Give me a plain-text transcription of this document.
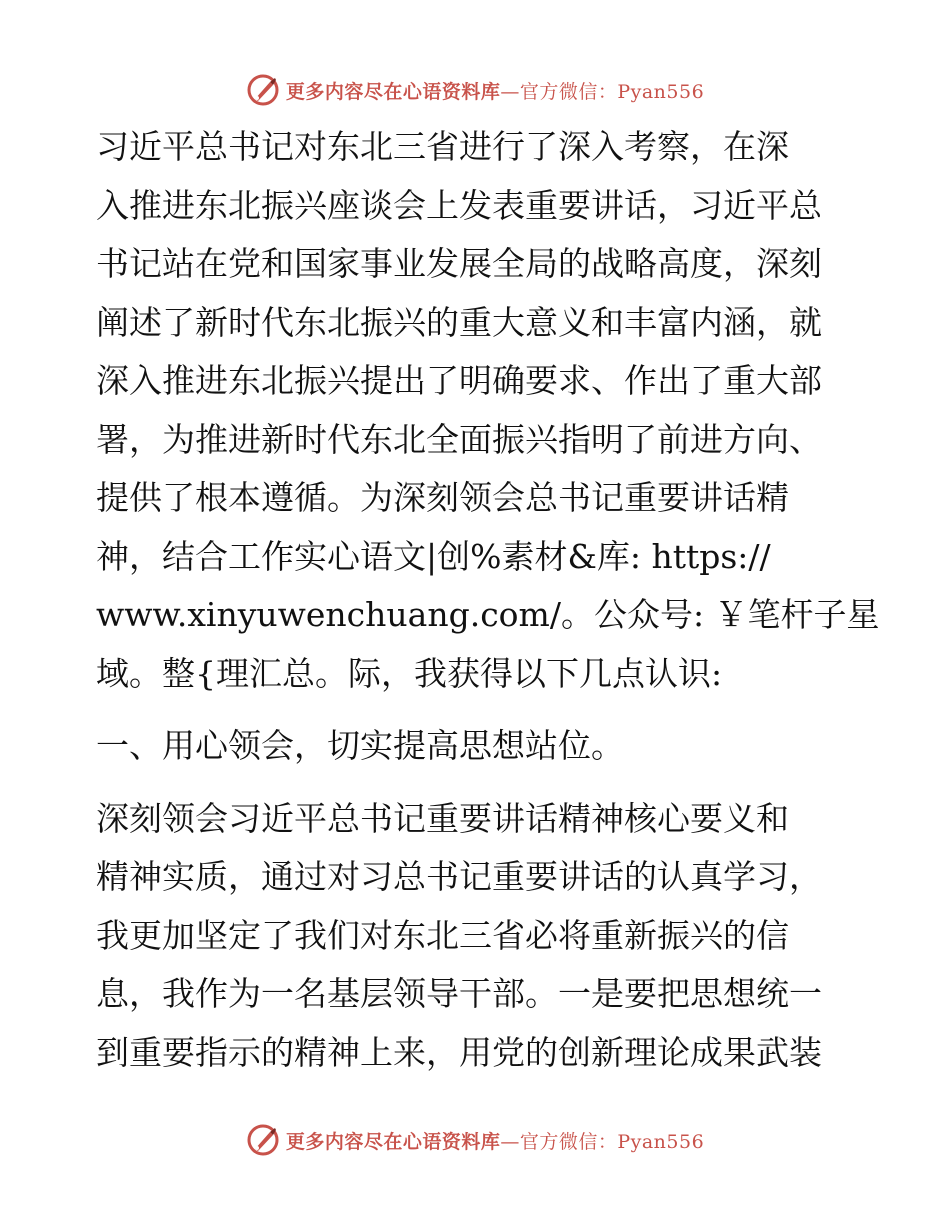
更多内容尽在心语资料库—官方微信：Pyan556
习近平总书记对东北三省进行了深入考察，在深
入推进东北振兴座谈会上发表重要讲话，习近平总
书记站在党和国家事业发展全局的战略高度，深刻
阐述了新时代东北振兴的重大意义和丰富内涵，就
深入推进东北振兴提出了明确要求、作出了重大部
署，为推进新时代东北全面振兴指明了前进方向、
提供了根本遵循。为深刻领会总书记重要讲话精
神，结合工作实心语文|创%素材&库: https://
www.xinyuwenchuang.com/。公众号: ￥笔杆子星
域。整{理汇总。际，我获得以下几点认识:
一、用心领会，切实提高思想站位。
深刻领会习近平总书记重要讲话精神核心要义和
精神实质，通过对习总书记重要讲话的认真学习，
我更加坚定了我们对东北三省必将重新振兴的信
息，我作为一名基层领导干部。一是要把思想统一
到重要指示的精神上来，用党的创新理论成果武装
更多内容尽在心语资料库—官方微信：Pyan556
